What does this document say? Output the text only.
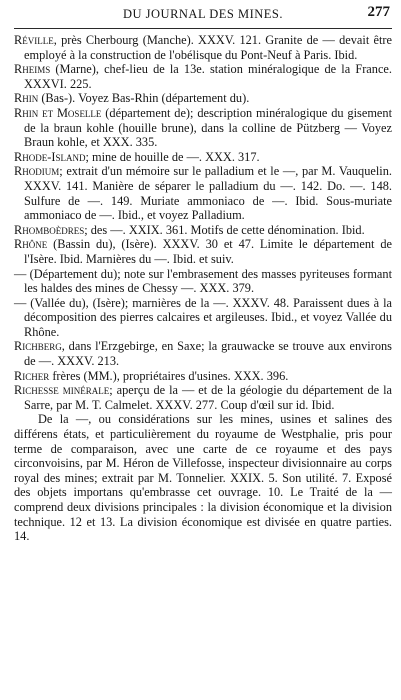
DU JOURNAL DES MINES.	277

Réville, près Cherbourg (Manche). XXXV. 121. Granite de — devait être employé à la construction de l'obélisque du Pont-Neuf à Paris. Ibid.

Rheims (Marne), chef-lieu de la 13e. station minéralogique de la France. XXXVI. 225.

Rhin (Bas-). Voyez Bas-Rhin (département du).

Rhin et Moselle (département de); description minéralogique du gisement de la braun kohle (houille brune), dans la colline de Pützberg — Voyez Braun kohle, et XXX. 335.

Rhode-Island; mine de houille de —. XXX. 317.

Rhodium; extrait d'un mémoire sur le palladium et le —, par M. Vauquelin. XXXV. 141. Manière de séparer le palladium du —. 142. Do. —. 148. Sulfure de —. 149. Muriate ammoniaco de —. Ibid. Sous-muriate ammoniaco de —. Ibid., et voyez Palladium.

Rhomboèdres; des —. XXIX. 361. Motifs de cette dénomination. Ibid.

Rhône (Bassin du), (Isère). XXXV. 30 et 47. Limite le département de l'Isère. Ibid. Marnières du —. Ibid. et suiv.

— (Département du); note sur l'embrasement des masses pyriteuses formant les haldes des mines de Chessy —. XXX. 379.

— (Vallée du), (Isère); marnières de la —. XXXV. 48. Paraissent dues à la décomposition des pierres calcaires et argileuses. Ibid., et voyez Vallée du Rhône.

Richberg, dans l'Erzgebirge, en Saxe; la grauwacke se trouve aux environs de —. XXXV. 213.

Richer frères (MM.), propriétaires d'usines. XXX. 396.

Richesse minérale; aperçu de la — et de la géologie du département de la Sarre, par M. T. Calmelet. XXXV. 277. Coup d'œil sur id. Ibid.

De la —, ou considérations sur les mines, usines et salines des différens états, et particulièrement du royaume de Westphalie, pris pour terme de comparaison, avec une carte de ce royaume et des pays circonvoisins, par M. Héron de Villefosse, inspecteur divisionnaire au corps royal des mines; extrait par M. Tonnelier. XXIX. 5. Son utilité. 7. Exposé des objets importans qu'embrasse cet ouvrage. 10. Le Traité de la — comprend deux divisions principales : la division économique et la division technique. 12 et 13. La division économique est divisée en quatre parties. 14.
